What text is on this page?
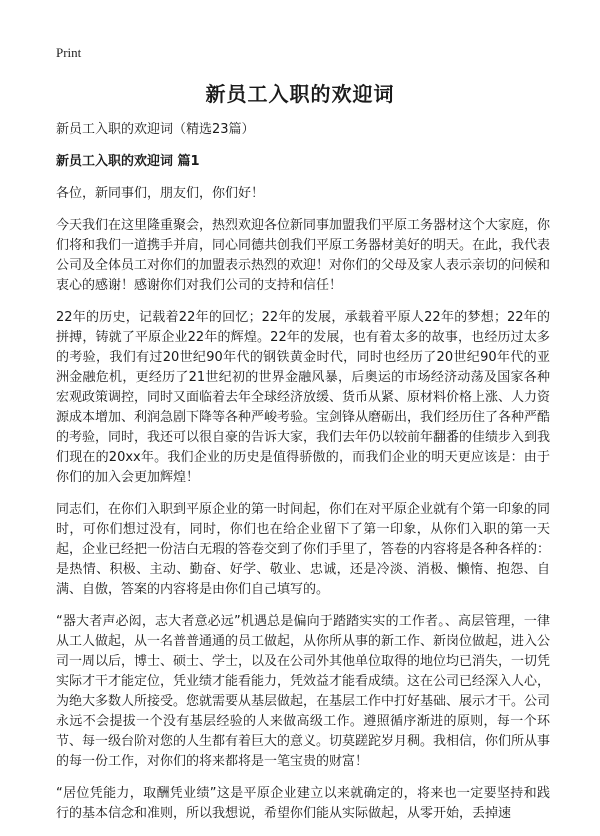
Print
新员工入职的欢迎词

新员工入职的欢迎词（精选23篇）

新员工入职的欢迎词 篇1

各位，新同事们，朋友们，你们好！

今天我们在这里隆重聚会，热烈欢迎各位新同事加盟我们平原工务器材这个大家庭，你们将和我们一道携手并肩，同心同德共创我们平原工务器材美好的明天。在此，我代表公司及全体员工对你们的加盟表示热烈的欢迎！对你们的父母及家人表示亲切的问候和衷心的感谢！感谢你们对我们公司的支持和信任！

22年的历史，记载着22年的回忆；22年的发展，承载着平原人22年的梦想；22年的拼搏，铸就了平原企业22年的辉煌。22年的发展，也有着太多的故事，也经历过太多的考验，我们有过20世纪90年代的钢铁黄金时代，同时也经历了20世纪90年代的亚洲金融危机，更经历了21世纪初的世界金融风暴，后奥运的市场经济动荡及国家各种宏观政策调控，同时又面临着去年全球经济放缓、货币从紧、原材料价格上涨、人力资源成本增加、利润急剧下降等各种严峻考验。宝剑锋从磨砺出，我们经历住了各种严酷的考验，同时，我还可以很自豪的告诉大家，我们去年仍以较前年翻番的佳绩步入到我们现在的20xx年。我们企业的历史是值得骄傲的，而我们企业的明天更应该是：由于你们的加入会更加辉煌！

同志们，在你们入职到平原企业的第一时间起，你们在对平原企业就有个第一印象的同时，可你们想过没有，同时，你们也在给企业留下了第一印象，从你们入职的第一天起，企业已经把一份洁白无瑕的答卷交到了你们手里了，答卷的内容将是各种各样的：是热情、积极、主动、勤奋、好学、敬业、忠诚，还是冷淡、消极、懒惰、抱怨、自满、自傲，答案的内容将是由你们自己填写的。

“器大者声必闳，志大者意必远”机遇总是偏向于踏踏实实的工作者。、高层管理，一律从工人做起，从一名普普通通的员工做起，从你所从事的新工作、新岗位做起，进入公司一周以后，博士、硕士、学士，以及在公司外其他单位取得的地位均已消失，一切凭实际才干才能定位，凭业绩才能看能力，凭效益才能看成绩。这在公司已经深入人心，为绝大多数人所接受。您就需要从基层做起，在基层工作中打好基础、展示才干。公司永远不会提拔一个没有基层经验的人来做高级工作。遵照循序渐进的原则，每一个环节、每一级台阶对您的人生都有着巨大的意义。切莫蹉跎岁月稠。我相信，你们所从事的每一份工作，对你们的将来都将是一笔宝贵的财富！

“居位凭能力，取酬凭业绩”这是平原企业建立以来就确定的，将来也一定要坚持和践行的基本信念和准则，所以我想说，希望你们能从实际做起，从零开始，丢掉速
